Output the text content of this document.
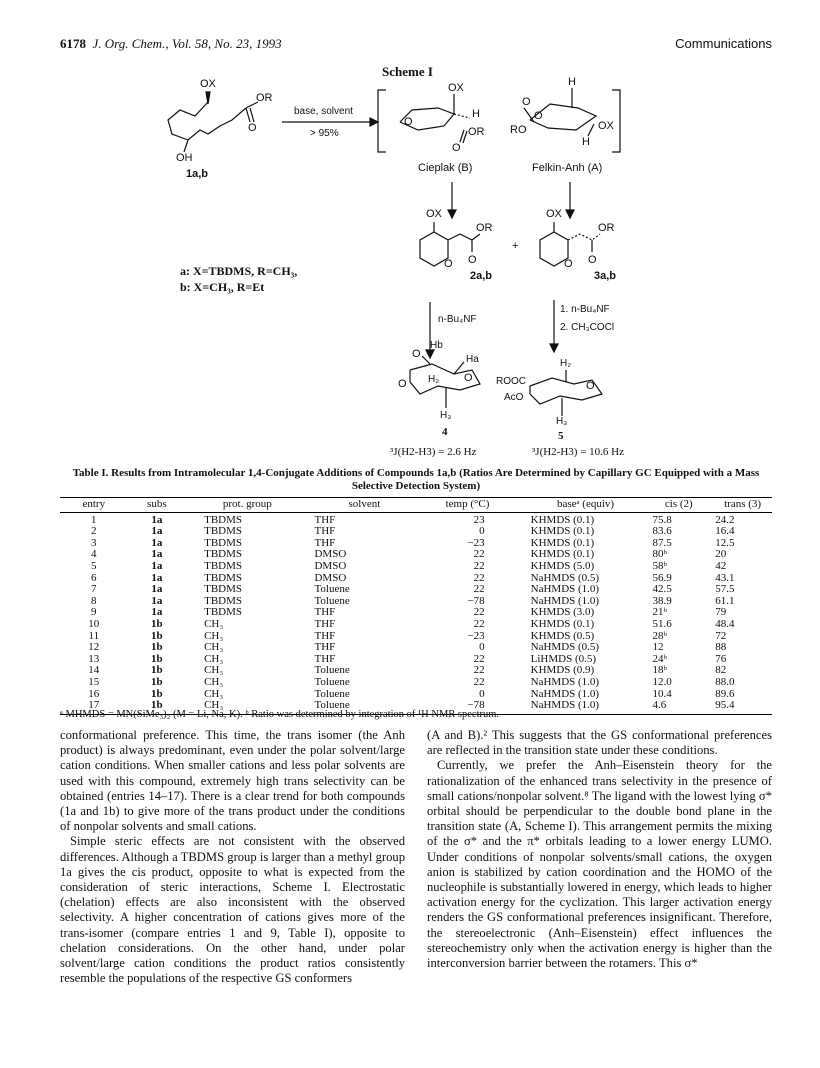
6178 J. Org. Chem., Vol. 58, No. 23, 1993	Communications
Scheme I
OX
OR
O
OH
1a,b
base, solvent
> 95%
OX
H
O
OR
O
H
O
O
RO	OX
H
Cieplak (B)	Felkin-Anh (A)
OX
OR
O O
2a,b
+
OX
OR
O O
3a,b
a: X=TBDMS, R=CH₃,
b: X=CH₃, R=Et
n-Bu₄NF
1. n-Bu₄NF
2. CH₃COCl
O
Hb
Ha
O H₂ O
H₃
4
H₂
ROOC
AcO
O
H₃
5
³J(H2-H3) = 2.6 Hz	³J(H2-H3) = 10.6 Hz
Table I. Results from Intramolecular 1,4-Conjugate Additions of Compounds 1a,b (Ratios Are Determined by Capillary GC Equipped with a Mass Selective Detection System)
entry	subs	prot. group	solvent	temp (°C)	baseᵃ (equiv)	cis (2)	trans (3)
1	1a	TBDMS	THF	23	KHMDS (0.1)	75.8	24.2
2	1a	TBDMS	THF	0	KHMDS (0.1)	83.6	16.4
3	1a	TBDMS	THF	−23	KHMDS (0.1)	87.5	12.5
4	1a	TBDMS	DMSO	22	KHMDS (0.1)	80ᵇ	20
5	1a	TBDMS	DMSO	22	KHMDS (5.0)	58ᵇ	42
6	1a	TBDMS	DMSO	22	NaHMDS (0.5)	56.9	43.1
7	1a	TBDMS	Toluene	22	NaHMDS (1.0)	42.5	57.5
8	1a	TBDMS	Toluene	−78	NaHMDS (1.0)	38.9	61.1
9	1a	TBDMS	THF	22	KHMDS (3.0)	21ᵇ	79
10	1b	CH₃	THF	22	KHMDS (0.1)	51.6	48.4
11	1b	CH₃	THF	−23	KHMDS (0.5)	28ᵇ	72
12	1b	CH₃	THF	0	NaHMDS (0.5)	12	88
13	1b	CH₃	THF	22	LiHMDS (0.5)	24ᵇ	76
14	1b	CH₃	Toluene	22	KHMDS (0.9)	18ᵇ	82
15	1b	CH₃	Toluene	22	NaHMDS (1.0)	12.0	88.0
16	1b	CH₃	Toluene	0	NaHMDS (1.0)	10.4	89.6
17	1b	CH₃	Toluene	−78	NaHMDS (1.0)	4.6	95.4
ᵃ MHMDS = MN(SiMe₃)₂ (M = Li, Na, K). ᵇ Ratio was determined by integration of ¹H NMR spectrum.

conformational preference. This time, the trans isomer (the Anh product) is always predominant, even under the polar solvent/large cation conditions. When smaller cations and less polar solvents are used with this compound, extremely high trans selectivity can be obtained (entries 14–17). There is a clear trend for both compounds (1a and 1b) to give more of the trans product under the conditions of nonpolar solvents and small cations.

Simple steric effects are not consistent with the observed differences. Although a TBDMS group is larger than a methyl group 1a gives the cis product, opposite to what is expected from the consideration of steric interactions, Scheme I. Electrostatic (chelation) effects are also inconsistent with the observed selectivity. A higher concentration of cations gives more of the trans-isomer (compare entries 1 and 9, Table I), opposite to chelation considerations. On the other hand, under polar solvent/large cation conditions the product ratios consistently resemble the populations of the respective GS conformers

(A and B).² This suggests that the GS conformational preferences are reflected in the transition state under these conditions.

Currently, we prefer the Anh–Eisenstein theory for the rationalization of the enhanced trans selectivity in the presence of small cations/nonpolar solvent.⁸ The ligand with the lowest lying σ* orbital should be perpendicular to the double bond plane in the transition state (A, Scheme I). This arrangement permits the mixing of the σ* and the π* orbitals leading to a lower energy LUMO. Under conditions of nonpolar solvents/small cations, the oxygen anion is stabilized by cation coordination and the HOMO of the nucleophile is substantially lowered in energy, which leads to higher activation energy for the cyclization. This larger activation energy renders the GS conformational preferences insignificant. Therefore, the stereoelectronic (Anh–Eisenstein) effect influences the stereochemistry only when the activation energy is higher than the interconversion barrier between the rotamers. This σ*
